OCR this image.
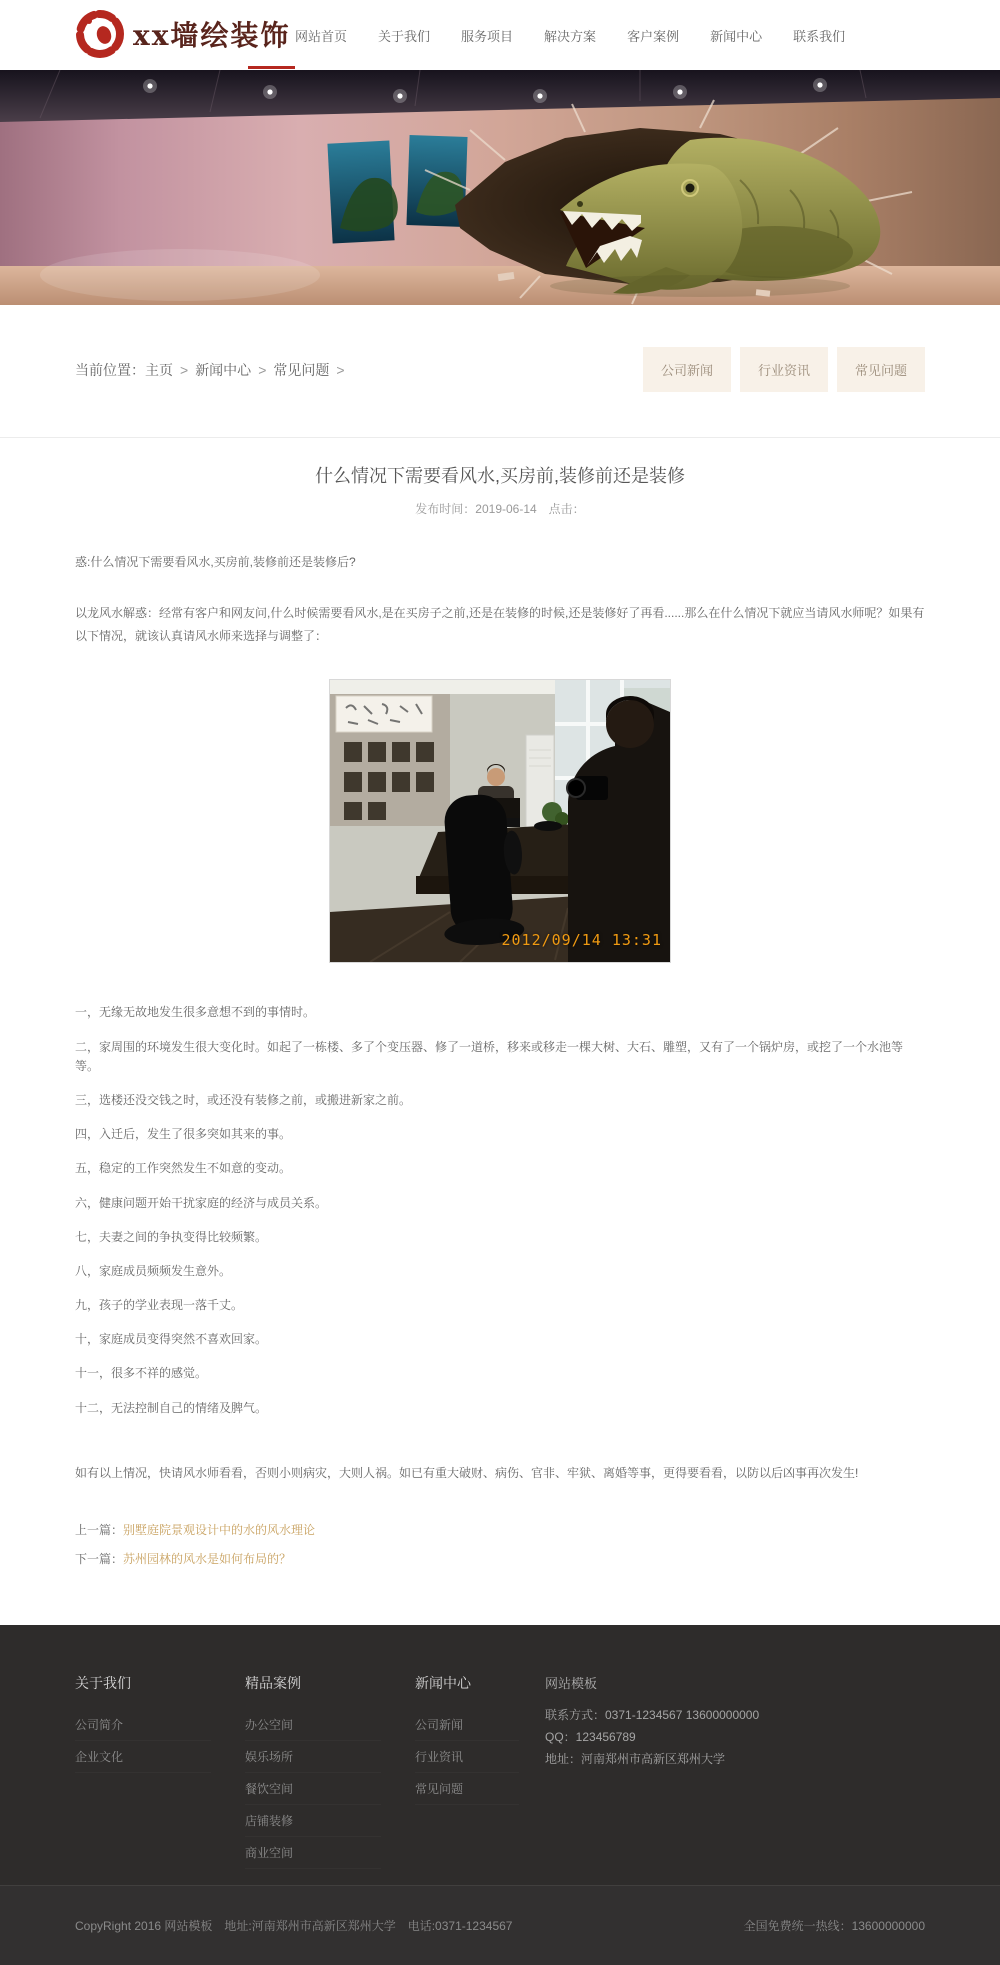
xx墙绘装饰 网站首页 关于我们 服务项目 解决方案 客户案例 新闻中心 联系我们
当前位置：主页 > 新闻中心 > 常见问题 >	公司新闻	行业资讯	常见问题
什么情况下需要看风水,买房前,装修前还是装修
发布时间：2019-06-14　点击：

惑:什么情况下需要看风水,买房前,装修前还是装修后?

以龙风水解惑：经常有客户和网友问,什么时候需要看风水,是在买房子之前,还是在装修的时候,还是装修好了再看......那么在什么情况下就应当请风水师呢？如果有以下情况，就该认真请风水师来选择与调整了：

2012/09/14 13:31

一，无缘无故地发生很多意想不到的事情时。

二，家周围的环境发生很大变化时。如起了一栋楼、多了个变压器、修了一道桥，移来或移走一棵大树、大石、雕塑，又有了一个锅炉房，或挖了一个水池等等。

三，选楼还没交钱之时，或还没有装修之前，或搬进新家之前。

四，入迁后，发生了很多突如其来的事。

五，稳定的工作突然发生不如意的变动。

六，健康问题开始干扰家庭的经济与成员关系。

七，夫妻之间的争执变得比较频繁。

八，家庭成员频频发生意外。

九，孩子的学业表现一落千丈。

十，家庭成员变得突然不喜欢回家。

十一，很多不祥的感觉。

十二，无法控制自己的情绪及脾气。

如有以上情况，快请风水师看看，否则小则病灾，大则人祸。如已有重大破财、病伤、官非、牢狱、离婚等事，更得要看看，以防以后凶事再次发生!

上一篇：别墅庭院景观设计中的水的风水理论
下一篇：苏州园林的风水是如何布局的？
关于我们
公司简介
企业文化
精品案例
办公空间
娱乐场所
餐饮空间
店铺装修
商业空间
新闻中心
公司新闻
行业资讯
常见问题
网站模板
联系方式：0371-1234567 13600000000
QQ：123456789
地址：河南郑州市高新区郑州大学
CopyRight 2016 网站模板　地址:河南郑州市高新区郑州大学　电话:0371-1234567	全国免费统一热线：13600000000
